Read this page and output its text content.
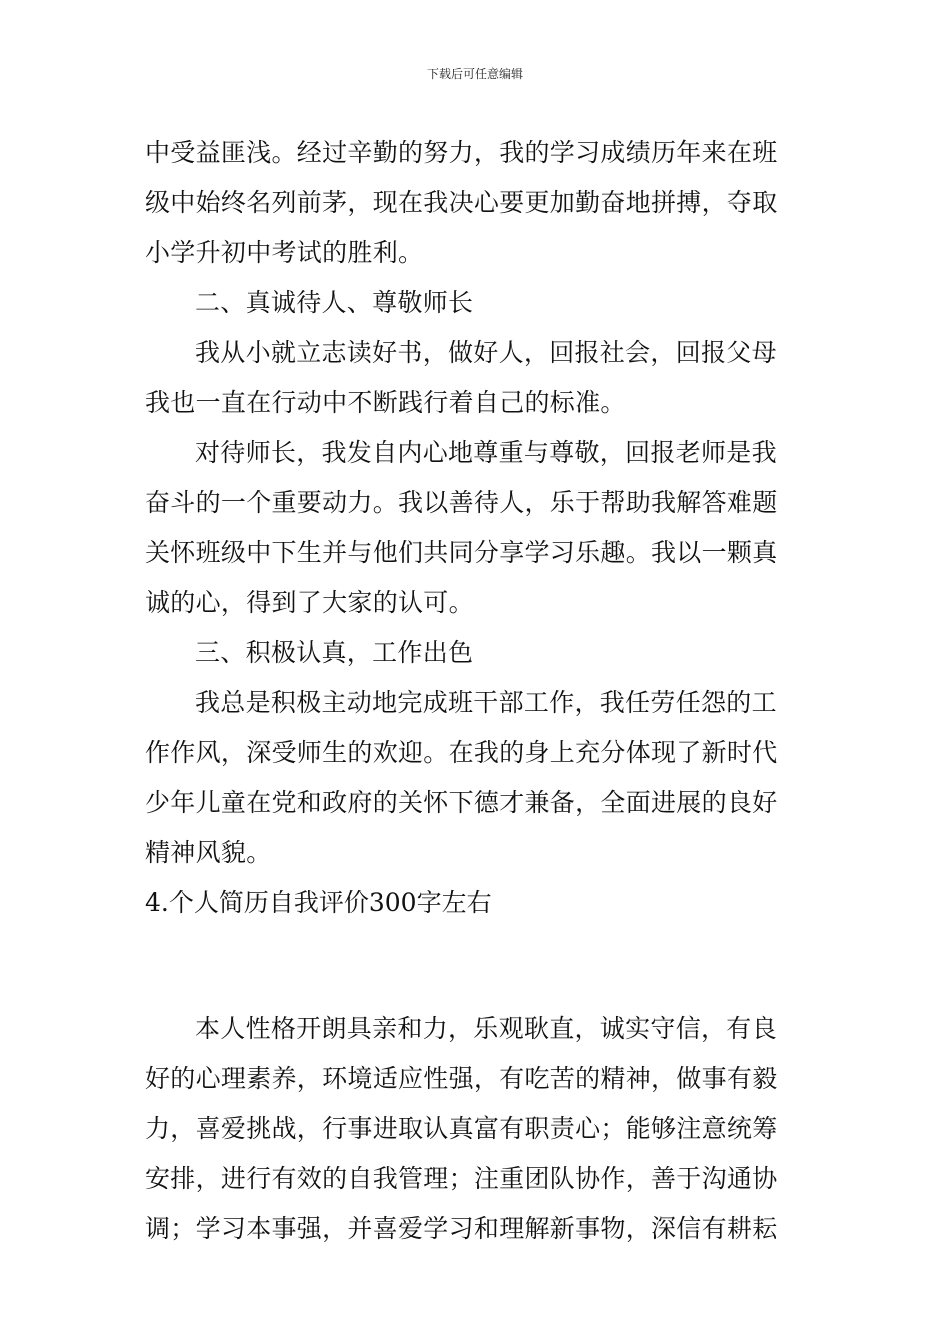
下载后可任意编辑
中受益匪浅。经过辛勤的努力，我的学习成绩历年来在班
级中始终名列前茅，现在我决心要更加勤奋地拼搏，夺取
小学升初中考试的胜利。
二、真诚待人、尊敬师长
我从小就立志读好书，做好人，回报社会，回报父母
我也一直在行动中不断践行着自己的标准。
对待师长，我发自内心地尊重与尊敬，回报老师是我
奋斗的一个重要动力。我以善待人，乐于帮助我解答难题
关怀班级中下生并与他们共同分享学习乐趣。我以一颗真
诚的心，得到了大家的认可。
三、积极认真，工作出色
我总是积极主动地完成班干部工作，我任劳任怨的工
作作风，深受师生的欢迎。在我的身上充分体现了新时代
少年儿童在党和政府的关怀下德才兼备，全面进展的良好
精神风貌。
4.个人简历自我评价300字左右
本人性格开朗具亲和力，乐观耿直，诚实守信，有良
好的心理素养，环境适应性强，有吃苦的精神，做事有毅
力，喜爱挑战，行事进取认真富有职责心；能够注意统筹
安排，进行有效的自我管理；注重团队协作，善于沟通协
调；学习本事强，并喜爱学习和理解新事物，深信有耕耘
